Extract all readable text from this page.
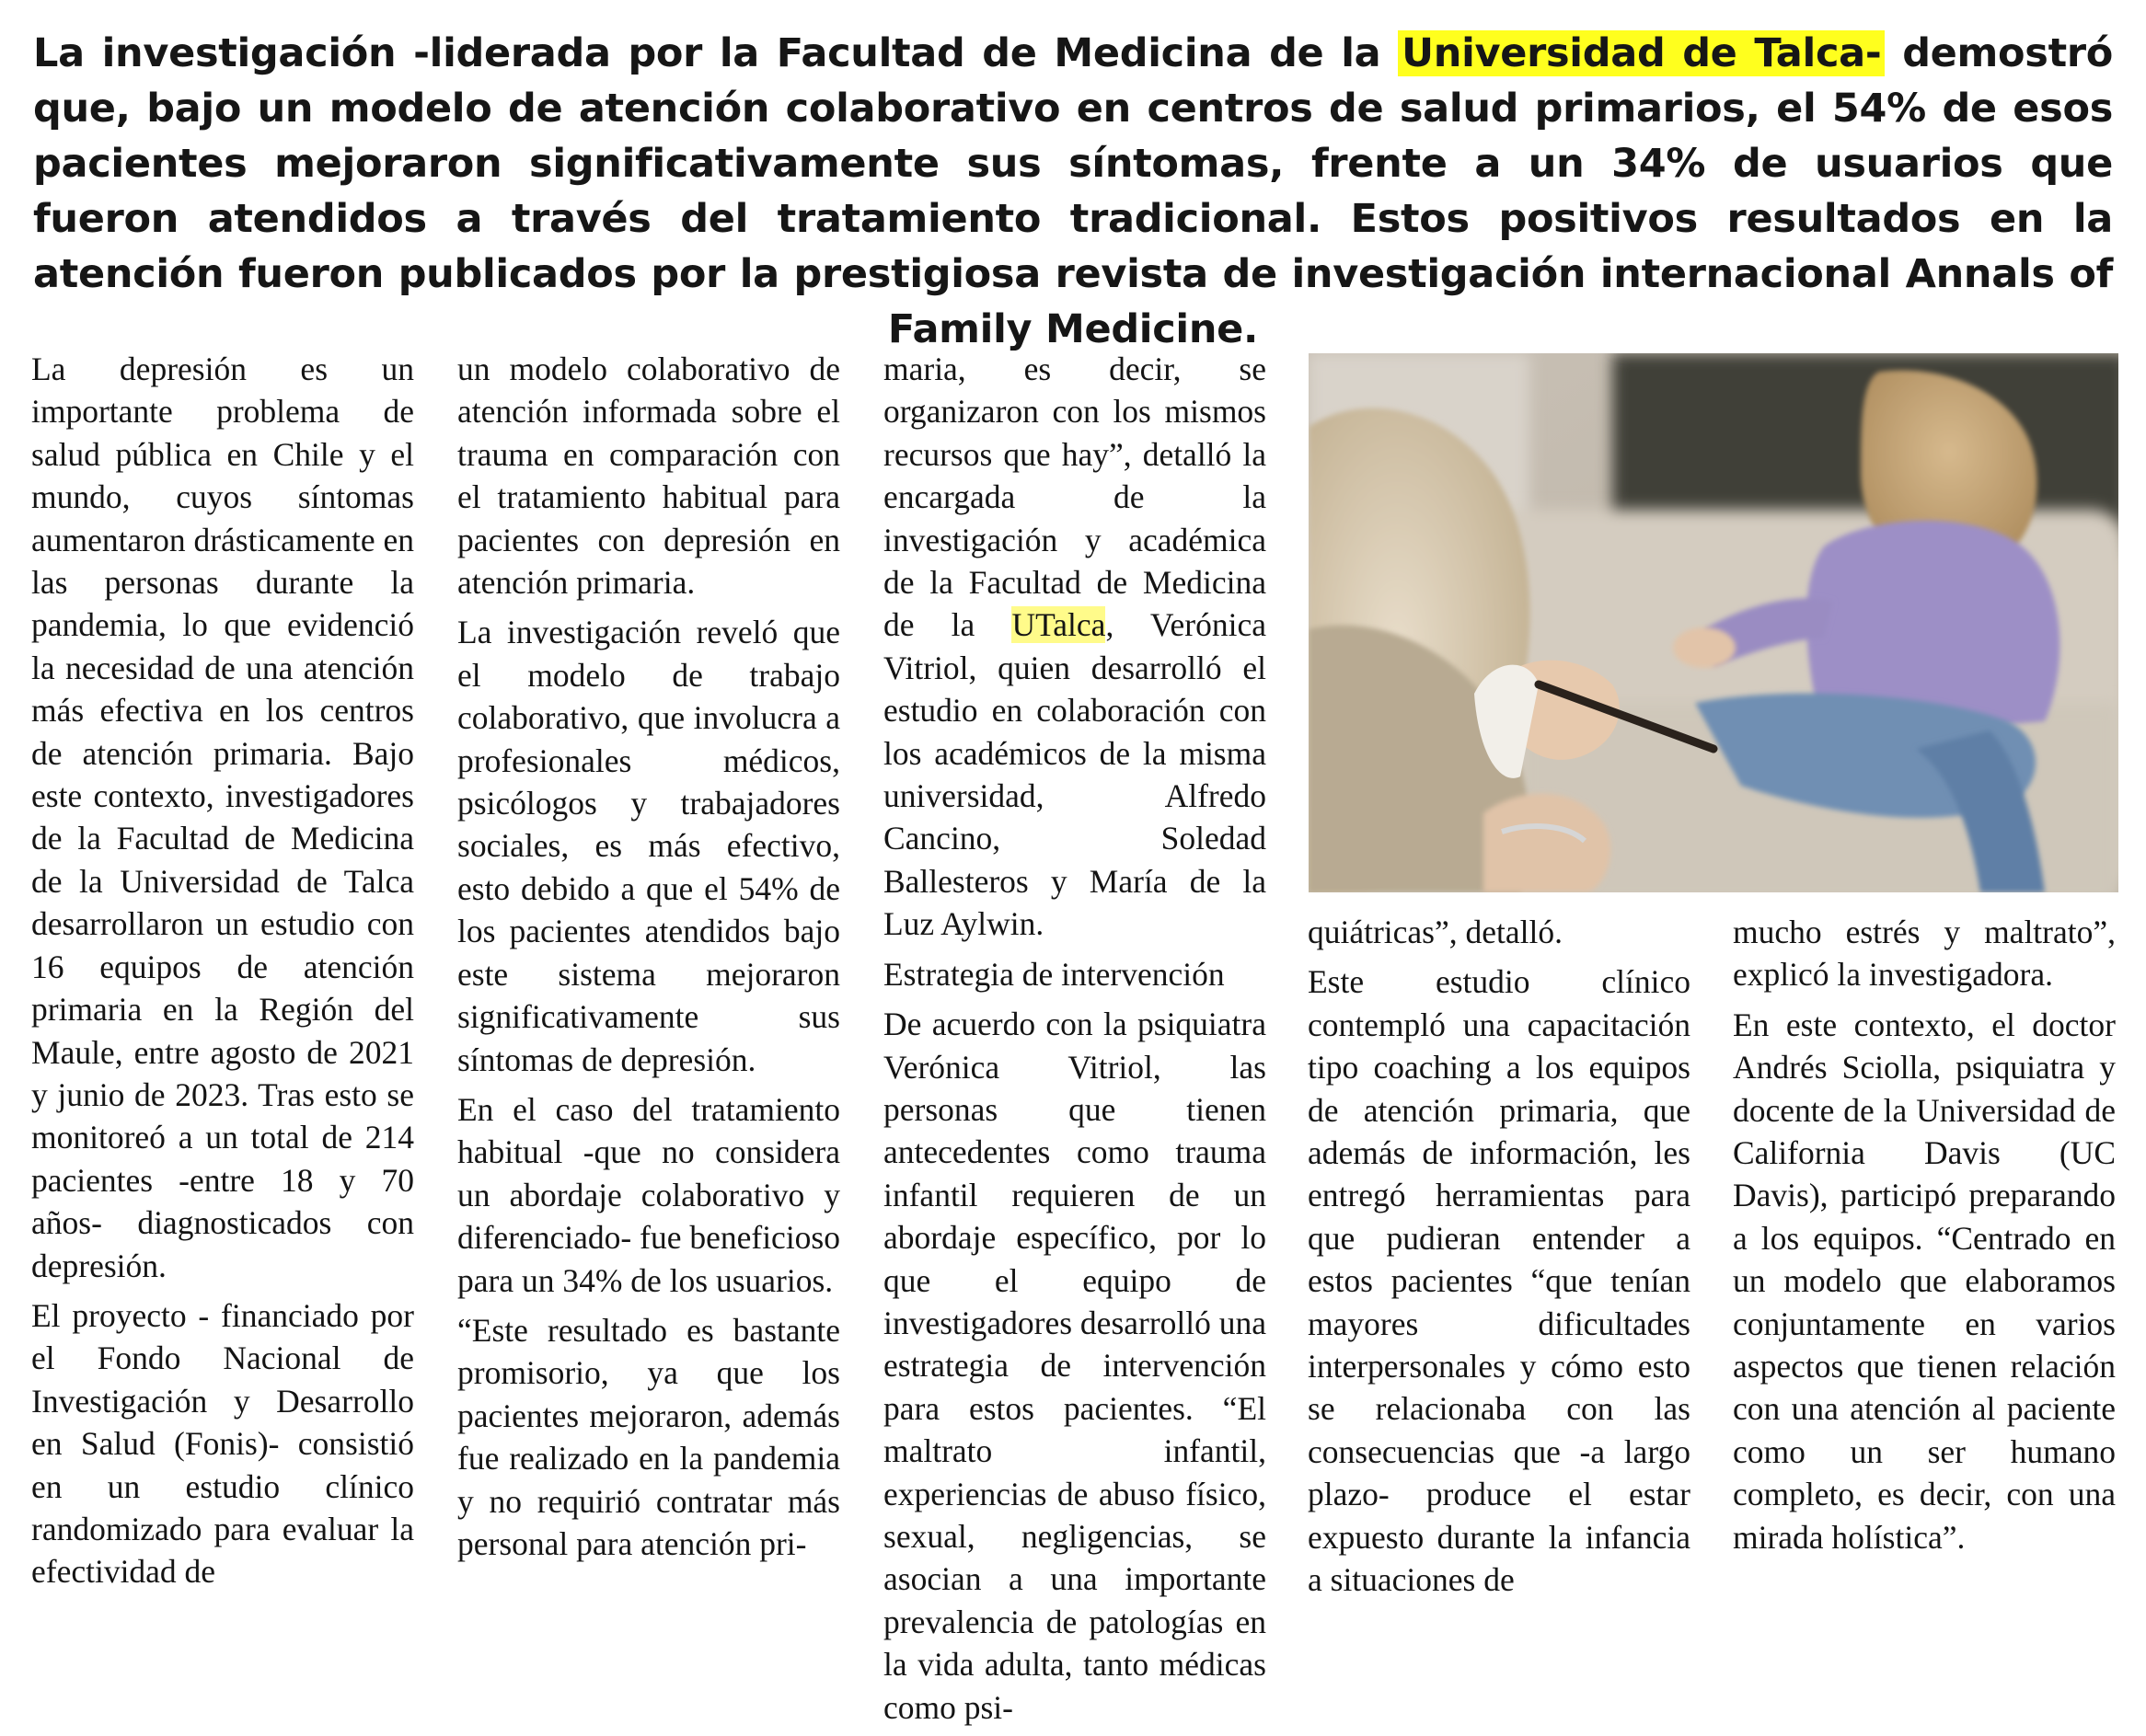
La investigación -liderada por la Facultad de Medicina de la Universidad de Talca- demostró que, bajo un modelo de atención colaborativo en centros de salud primarios, el 54% de esos pacientes mejoraron significativamente sus síntomas, frente a un 34% de usuarios que fueron atendidos a través del tratamiento tradicional. Estos positivos resultados en la atención fueron publicados por la prestigiosa revista de investigación internacional Annals of Family Medicine.

La depresión es un importante problema de salud pública en Chile y el mundo, cuyos síntomas aumentaron drásticamente en las personas durante la pandemia, lo que evidenció la necesidad de una atención más efectiva en los centros de atención primaria. Bajo este contexto, investigadores de la Facultad de Medicina de la Universidad de Talca desarrollaron un estudio con 16 equipos de atención primaria en la Región del Maule, entre agosto de 2021 y junio de 2023. Tras esto se monitoreó a un total de 214 pacientes -entre 18 y 70 años- diagnosticados con depresión.

El proyecto - financiado por el Fondo Nacional de Investigación y Desarrollo en Salud (Fonis)- consistió en un estudio clínico randomizado para evaluar la efectividad de

un modelo colaborativo de atención informada sobre el trauma en comparación con el tratamiento habitual para pacientes con depresión en atención primaria.

La investigación reveló que el modelo de trabajo colaborativo, que involucra a profesionales médicos, psicólogos y trabajadores sociales, es más efectivo, esto debido a que el 54% de los pacientes atendidos bajo este sistema mejoraron significativamente sus síntomas de depresión.

En el caso del tratamiento habitual -que no considera un abordaje colaborativo y diferenciado- fue beneficioso para un 34% de los usuarios.

“Este resultado es bastante promisorio, ya que los pacientes mejoraron, además fue realizado en la pandemia y no requirió contratar más personal para atención pri-

maria, es decir, se organizaron con los mismos recursos que hay”, detalló la encargada de la investigación y académica de la Facultad de Medicina de la UTalca, Verónica Vitriol, quien desarrolló el estudio en colaboración con los académicos de la misma universidad, Alfredo Cancino, Soledad Ballesteros y María de la Luz Aylwin.

Estrategia de intervención

De acuerdo con la psiquiatra Verónica Vitriol, las personas que tienen antecedentes como trauma infantil requieren de un abordaje específico, por lo que el equipo de investigadores desarrolló una estrategia de intervención para estos pacientes. “El maltrato infantil, experiencias de abuso físico, sexual, negligencias, se asocian a una importante prevalencia de patologías en la vida adulta, tanto médicas como psi-

quiátricas”, detalló.

Este estudio clínico contempló una capacitación tipo coaching a los equipos de atención primaria, que además de información, les entregó herramientas para que pudieran entender a estos pacientes “que tenían mayores dificultades interpersonales y cómo esto se relacionaba con las consecuencias que -a largo plazo- produce el estar expuesto durante la infancia a situaciones de

mucho estrés y maltrato”, explicó la investigadora.

En este contexto, el doctor Andrés Sciolla, psiquiatra y docente de la Universidad de California Davis (UC Davis), participó preparando a los equipos. “Centrado en un modelo que elaboramos conjuntamente en varios aspectos que tienen relación con una atención al paciente como un ser humano completo, es decir, con una mirada holística”.
